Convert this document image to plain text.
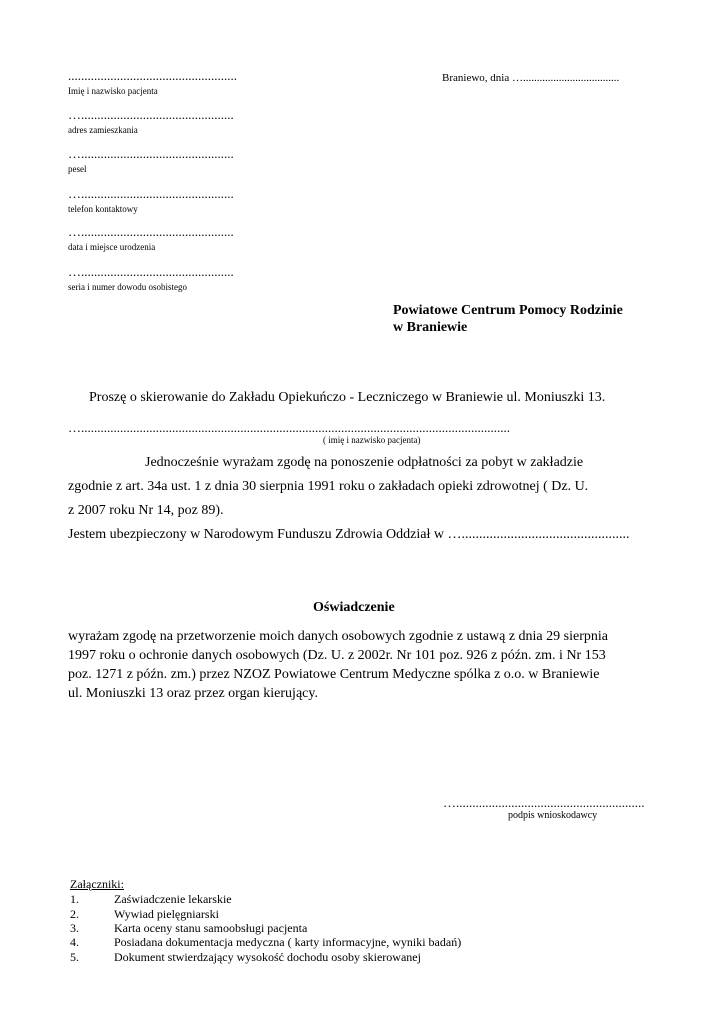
....................................................
Imię i nazwisko pacjenta
…...............................................
adres zamieszkania
…...............................................
pesel
…...............................................
telefon kontaktowy
…...............................................
data i miejsce urodzenia
…...............................................
seria i numer dowodu osobistego
Braniewo, dnia …...................................
Powiatowe Centrum Pomocy Rodzinie
w Braniewie
Proszę o skierowanie do Zakładu Opiekuńczo - Leczniczego w Braniewie ul. Moniuszki 13.
…....................................................................................................................................
( imię i nazwisko pacjenta)
Jednocześnie wyrażam zgodę na ponoszenie odpłatności za pobyt w zakładzie
zgodnie z art. 34a ust. 1 z dnia 30 sierpnia 1991 roku o zakładach opieki zdrowotnej ( Dz. U.
z 2007 roku Nr 14, poz 89).
Jestem ubezpieczony w Narodowym Funduszu Zdrowia Oddział w …................................................
Oświadczenie
wyrażam zgodę na przetworzenie moich danych osobowych zgodnie z ustawą z dnia 29 sierpnia
1997 roku o ochronie danych osobowych (Dz. U. z 2002r. Nr 101 poz. 926 z późn. zm. i Nr 153
poz. 1271 z późn. zm.) przez NZOZ Powiatowe Centrum Medyczne spólka z o.o. w Braniewie
ul. Moniuszki 13 oraz przez organ kierujący.
…..........................................................
podpis wnioskodawcy
Załączniki:
1.	Zaświadczenie lekarskie
2.	Wywiad pielęgniarski
3.	Karta oceny stanu samoobsługi pacjenta
4.	Posiadana dokumentacja medyczna ( karty informacyjne, wyniki badań)
5.	Dokument stwierdzający wysokość dochodu osoby skierowanej
